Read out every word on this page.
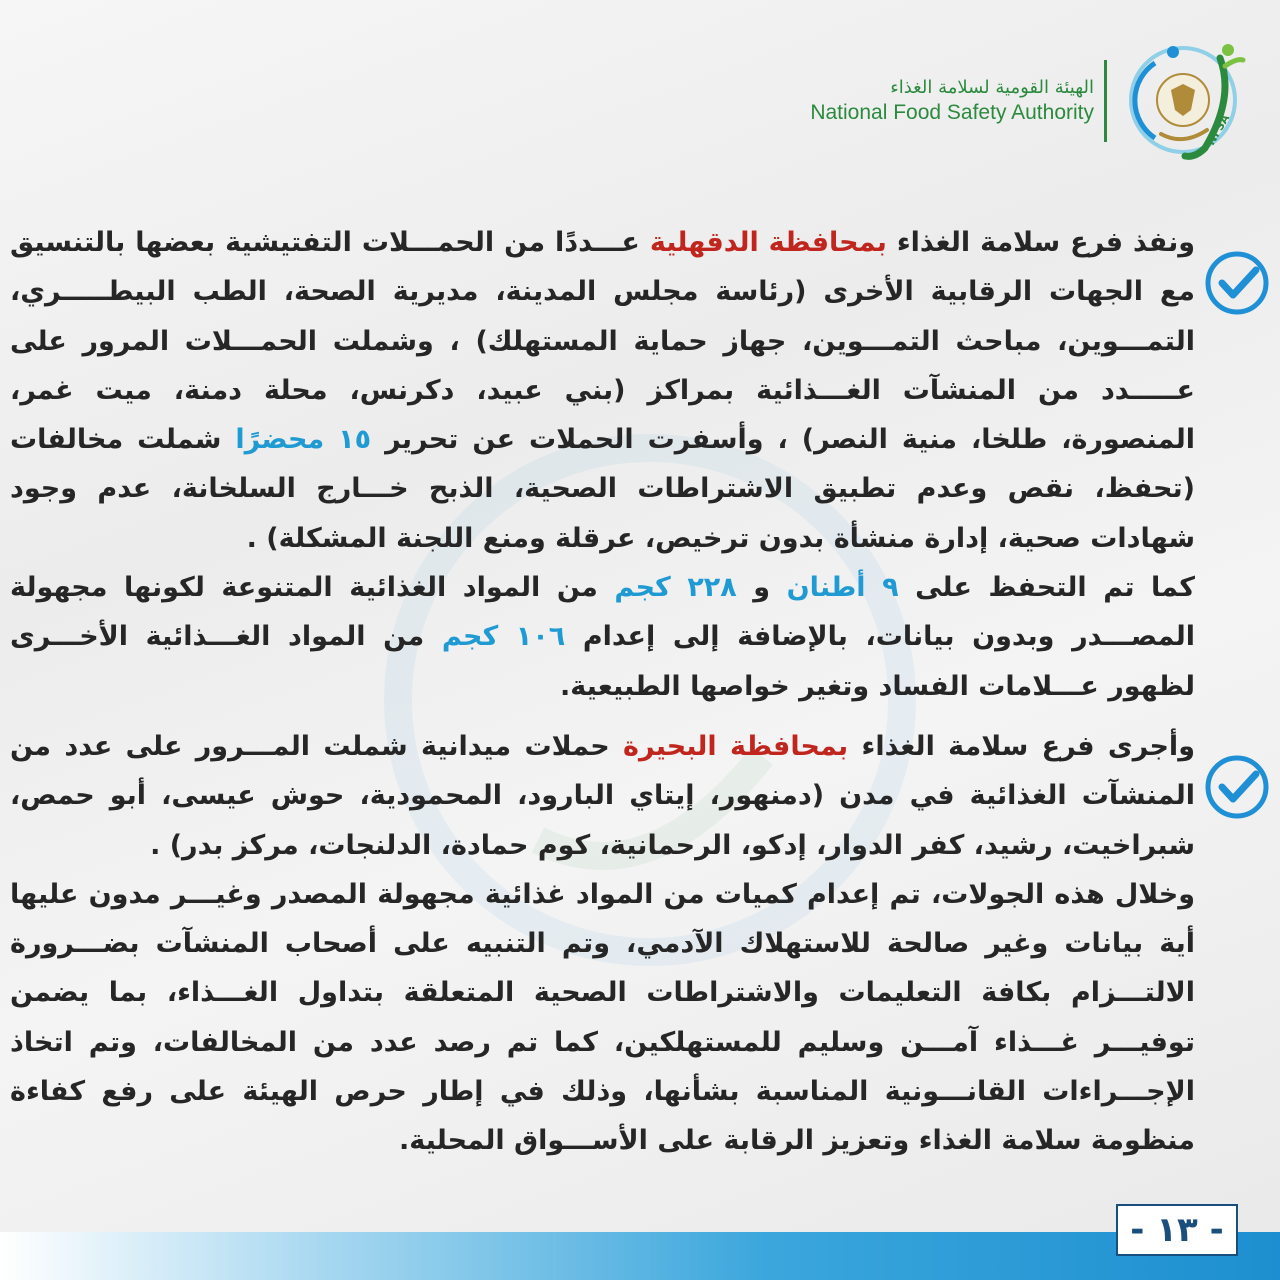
NFSA
الهيئة القومية لسلامة الغذاء
National Food Safety Authority

ونفذ فرع سلامة الغذاء بمحافظة الدقهلية عـــددًا من الحمـــلات التفتيشية بعضها بالتنسيق مع الجهات الرقابية الأخرى (رئاسة مجلس المدينة، مديرية الصحة، الطب البيطـــــري، التمـــوين، مباحث التمـــوين، جهاز حماية المستهلك) ، وشملت الحمـــلات المرور على عـــــدد من المنشآت الغـــذائية بمراكز (بني عبيد، دكرنس، محلة دمنة، ميت غمر، المنصورة، طلخا، منية النصر) ، وأسفرت الحملات عن تحرير ١٥ محضرًا شملت مخالفات (تحفظ، نقص وعدم تطبيق الاشتراطات الصحية، الذبح خـــارج السلخانة، عدم وجود شهادات صحية، إدارة منشأة بدون ترخيص، عرقلة ومنع اللجنة المشكلة) .

كما تم التحفظ على ٩ أطنان و ٢٢٨ كجم من المواد الغذائية المتنوعة لكونها مجهولة المصـــدر وبدون بيانات، بالإضافة إلى إعدام ١٠٦ كجم من المواد الغـــذائية الأخـــرى لظهور عـــلامات الفساد وتغير خواصها الطبيعية.

وأجرى فرع سلامة الغذاء بمحافظة البحيرة حملات ميدانية شملت المـــرور على عدد من المنشآت الغذائية في مدن (دمنهور، إيتاي البارود، المحمودية، حوش عيسى، أبو حمص، شبراخيت، رشيد، كفر الدوار، إدكو، الرحمانية، كوم حمادة، الدلنجات، مركز بدر) .

وخلال هذه الجولات، تم إعدام كميات من المواد غذائية مجهولة المصدر وغيـــر مدون عليها أية بيانات وغير صالحة للاستهلاك الآدمي، وتم التنبيه على أصحاب المنشآت بضـــرورة الالتـــزام بكافة التعليمات والاشتراطات الصحية المتعلقة بتداول الغـــذاء، بما يضمن توفيـــر غـــذاء آمـــن وسليم للمستهلكين، كما تم رصد عدد من المخالفات، وتم اتخاذ الإجـــراءات القانـــونية المناسبة بشأنها، وذلك في إطار حرص الهيئة على رفع كفاءة منظومة سلامة الغذاء وتعزيز الرقابة على الأســـواق المحلية.

- ١٣ -
